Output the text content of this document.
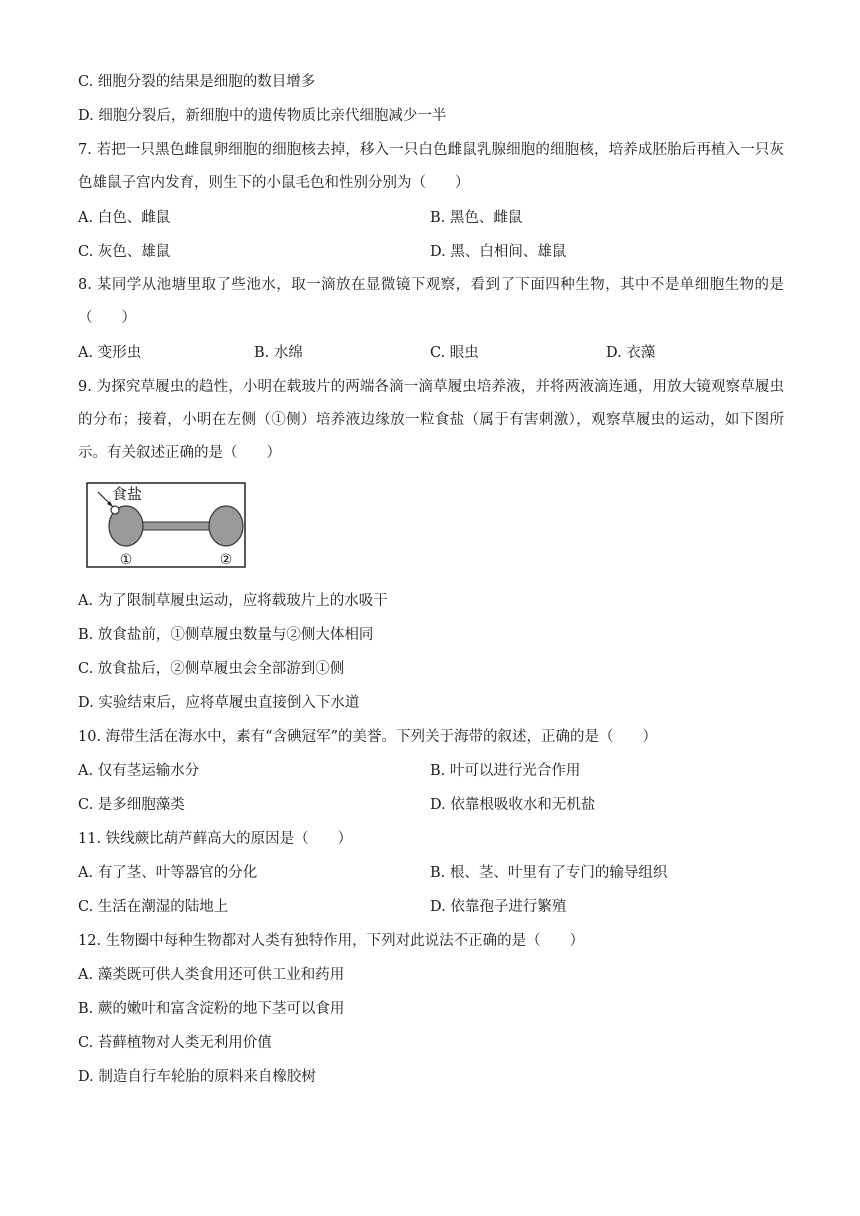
C. 细胞分裂的结果是细胞的数目增多
D. 细胞分裂后，新细胞中的遗传物质比亲代细胞减少一半
7. 若把一只黑色雌鼠卵细胞的细胞核去掉，移入一只白色雌鼠乳腺细胞的细胞核，培养成胚胎后再植入一只灰色雄鼠子宫内发育，则生下的小鼠毛色和性别分别为（　　）
A. 白色、雌鼠	B. 黑色、雌鼠
C. 灰色、雄鼠	D. 黑、白相间、雄鼠
8. 某同学从池塘里取了些池水，取一滴放在显微镜下观察，看到了下面四种生物，其中不是单细胞生物的是（　　）
A. 变形虫	B. 水绵	C. 眼虫	D. 衣藻
9. 为探究草履虫的趋性，小明在载玻片的两端各滴一滴草履虫培养液，并将两液滴连通，用放大镜观察草履虫的分布；接着，小明在左侧（①侧）培养液边缘放一粒食盐（属于有害刺激），观察草履虫的运动，如下图所示。有关叙述正确的是（　　）
食盐
①	②
A. 为了限制草履虫运动，应将载玻片上的水吸干
B. 放食盐前，①侧草履虫数量与②侧大体相同
C. 放食盐后，②侧草履虫会全部游到①侧
D. 实验结束后，应将草履虫直接倒入下水道
10. 海带生活在海水中，素有“含碘冠军”的美誉。下列关于海带的叙述，正确的是（　　）
A. 仅有茎运输水分	B. 叶可以进行光合作用
C. 是多细胞藻类	D. 依靠根吸收水和无机盐
11. 铁线蕨比葫芦藓高大的原因是（　　）
A. 有了茎、叶等器官的分化	B. 根、茎、叶里有了专门的输导组织
C. 生活在潮湿的陆地上	D. 依靠孢子进行繁殖
12. 生物圈中每种生物都对人类有独特作用，下列对此说法不正确的是（　　）
A. 藻类既可供人类食用还可供工业和药用
B. 蕨的嫩叶和富含淀粉的地下茎可以食用
C. 苔藓植物对人类无利用价值
D. 制造自行车轮胎的原料来自橡胶树
